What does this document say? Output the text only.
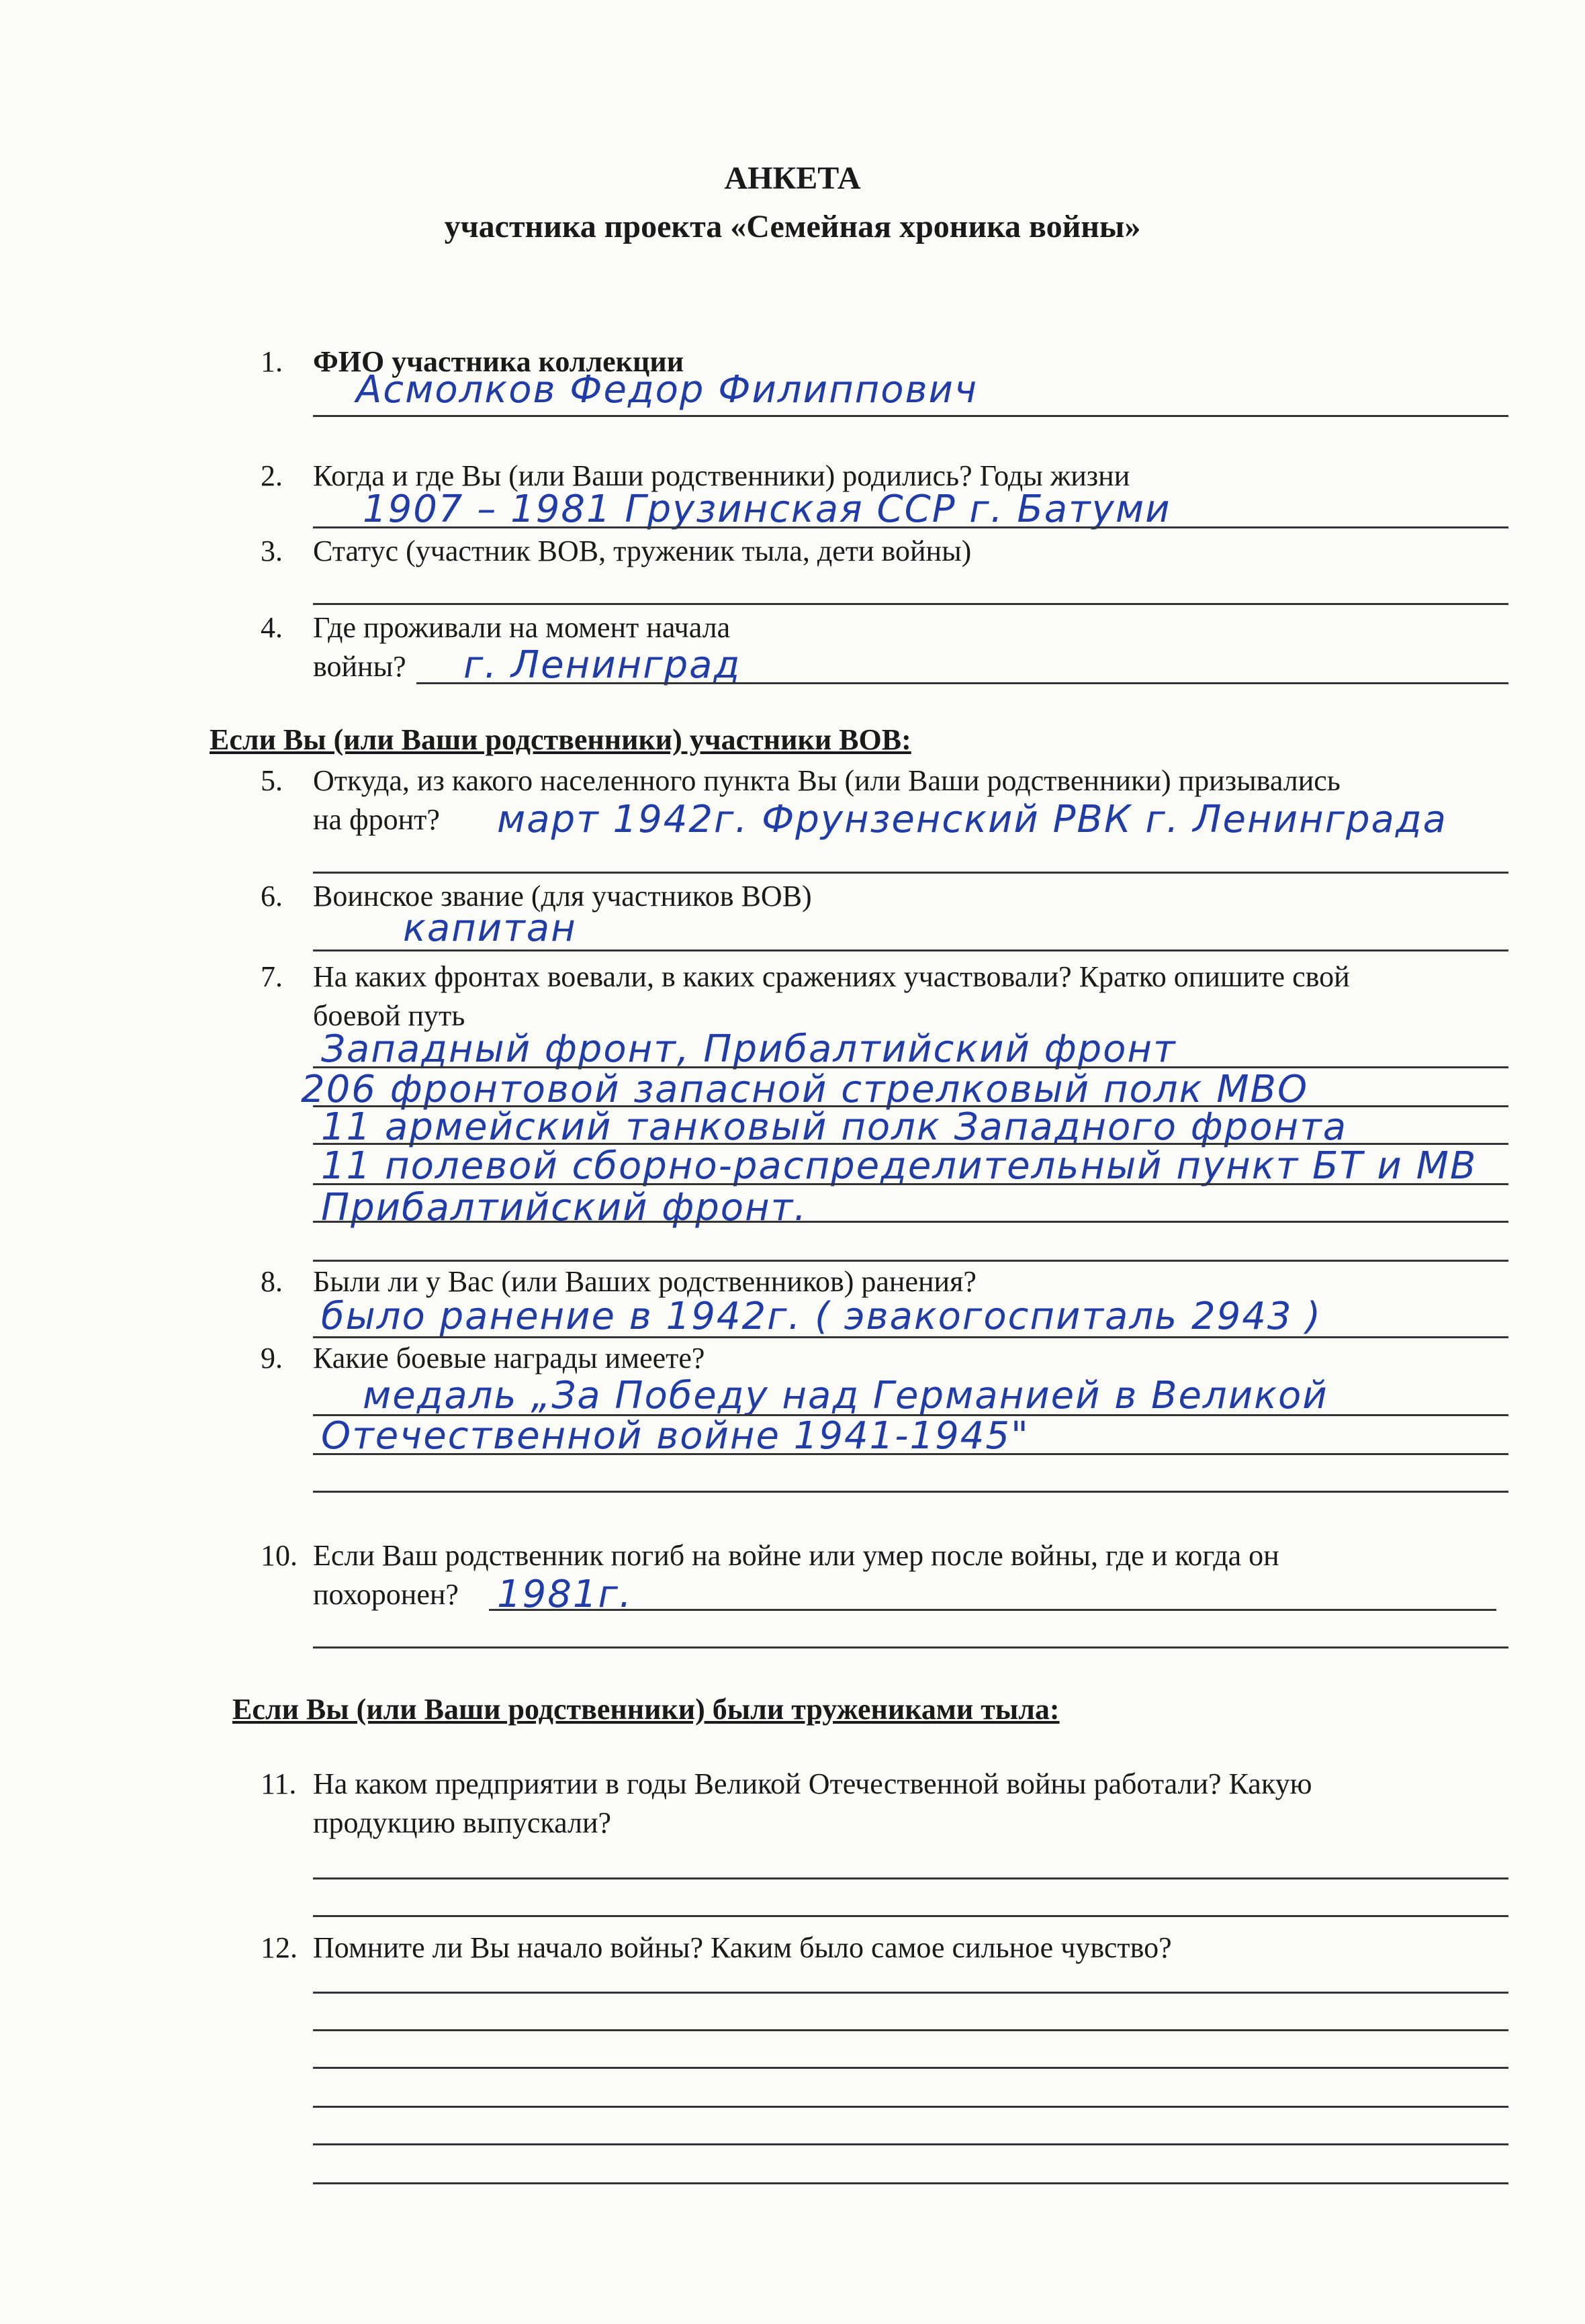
АНКЕТА
участника проекта «Семейная хроника войны»
1. ФИО участника коллекции
Асмолков Федор Филиппович
2. Когда и где Вы (или Ваши родственники) родились? Годы жизни
1907 – 1981 Грузинская ССР г. Батуми
3. Статус (участник ВОВ, труженик тыла, дети войны)
4. Где проживали на момент начала
войны? г. Ленинград
Если Вы (или Ваши родственники) участники ВОВ:
5. Откуда, из какого населенного пункта Вы (или Ваши родственники) призывались
на фронт? март 1942г. Фрунзенский РВК г. Ленинграда
6. Воинское звание (для участников ВОВ)
капитан
7. На каких фронтах воевали, в каких сражениях участвовали? Кратко опишите свой
боевой путь
Западный фронт, Прибалтийский фронт
206 фронтовой запасной стрелковый полк МВО
11 армейский танковый полк Западного фронта
11 полевой сборно-распределительный пункт БТ и МВ
Прибалтийский фронт.
8. Были ли у Вас (или Ваших родственников) ранения?
было ранение в 1942г. ( эвакогоспиталь 2943 )
9. Какие боевые награды имеете?
медаль „За Победу над Германией в Великой
Отечественной войне 1941-1945"
10. Если Ваш родственник погиб на войне или умер после войны, где и когда он
похоронен? 1981г.
Если Вы (или Ваши родственники) были тружениками тыла:
11. На каком предприятии в годы Великой Отечественной войны работали? Какую
продукцию выпускали?
12. Помните ли Вы начало войны? Каким было самое сильное чувство?
